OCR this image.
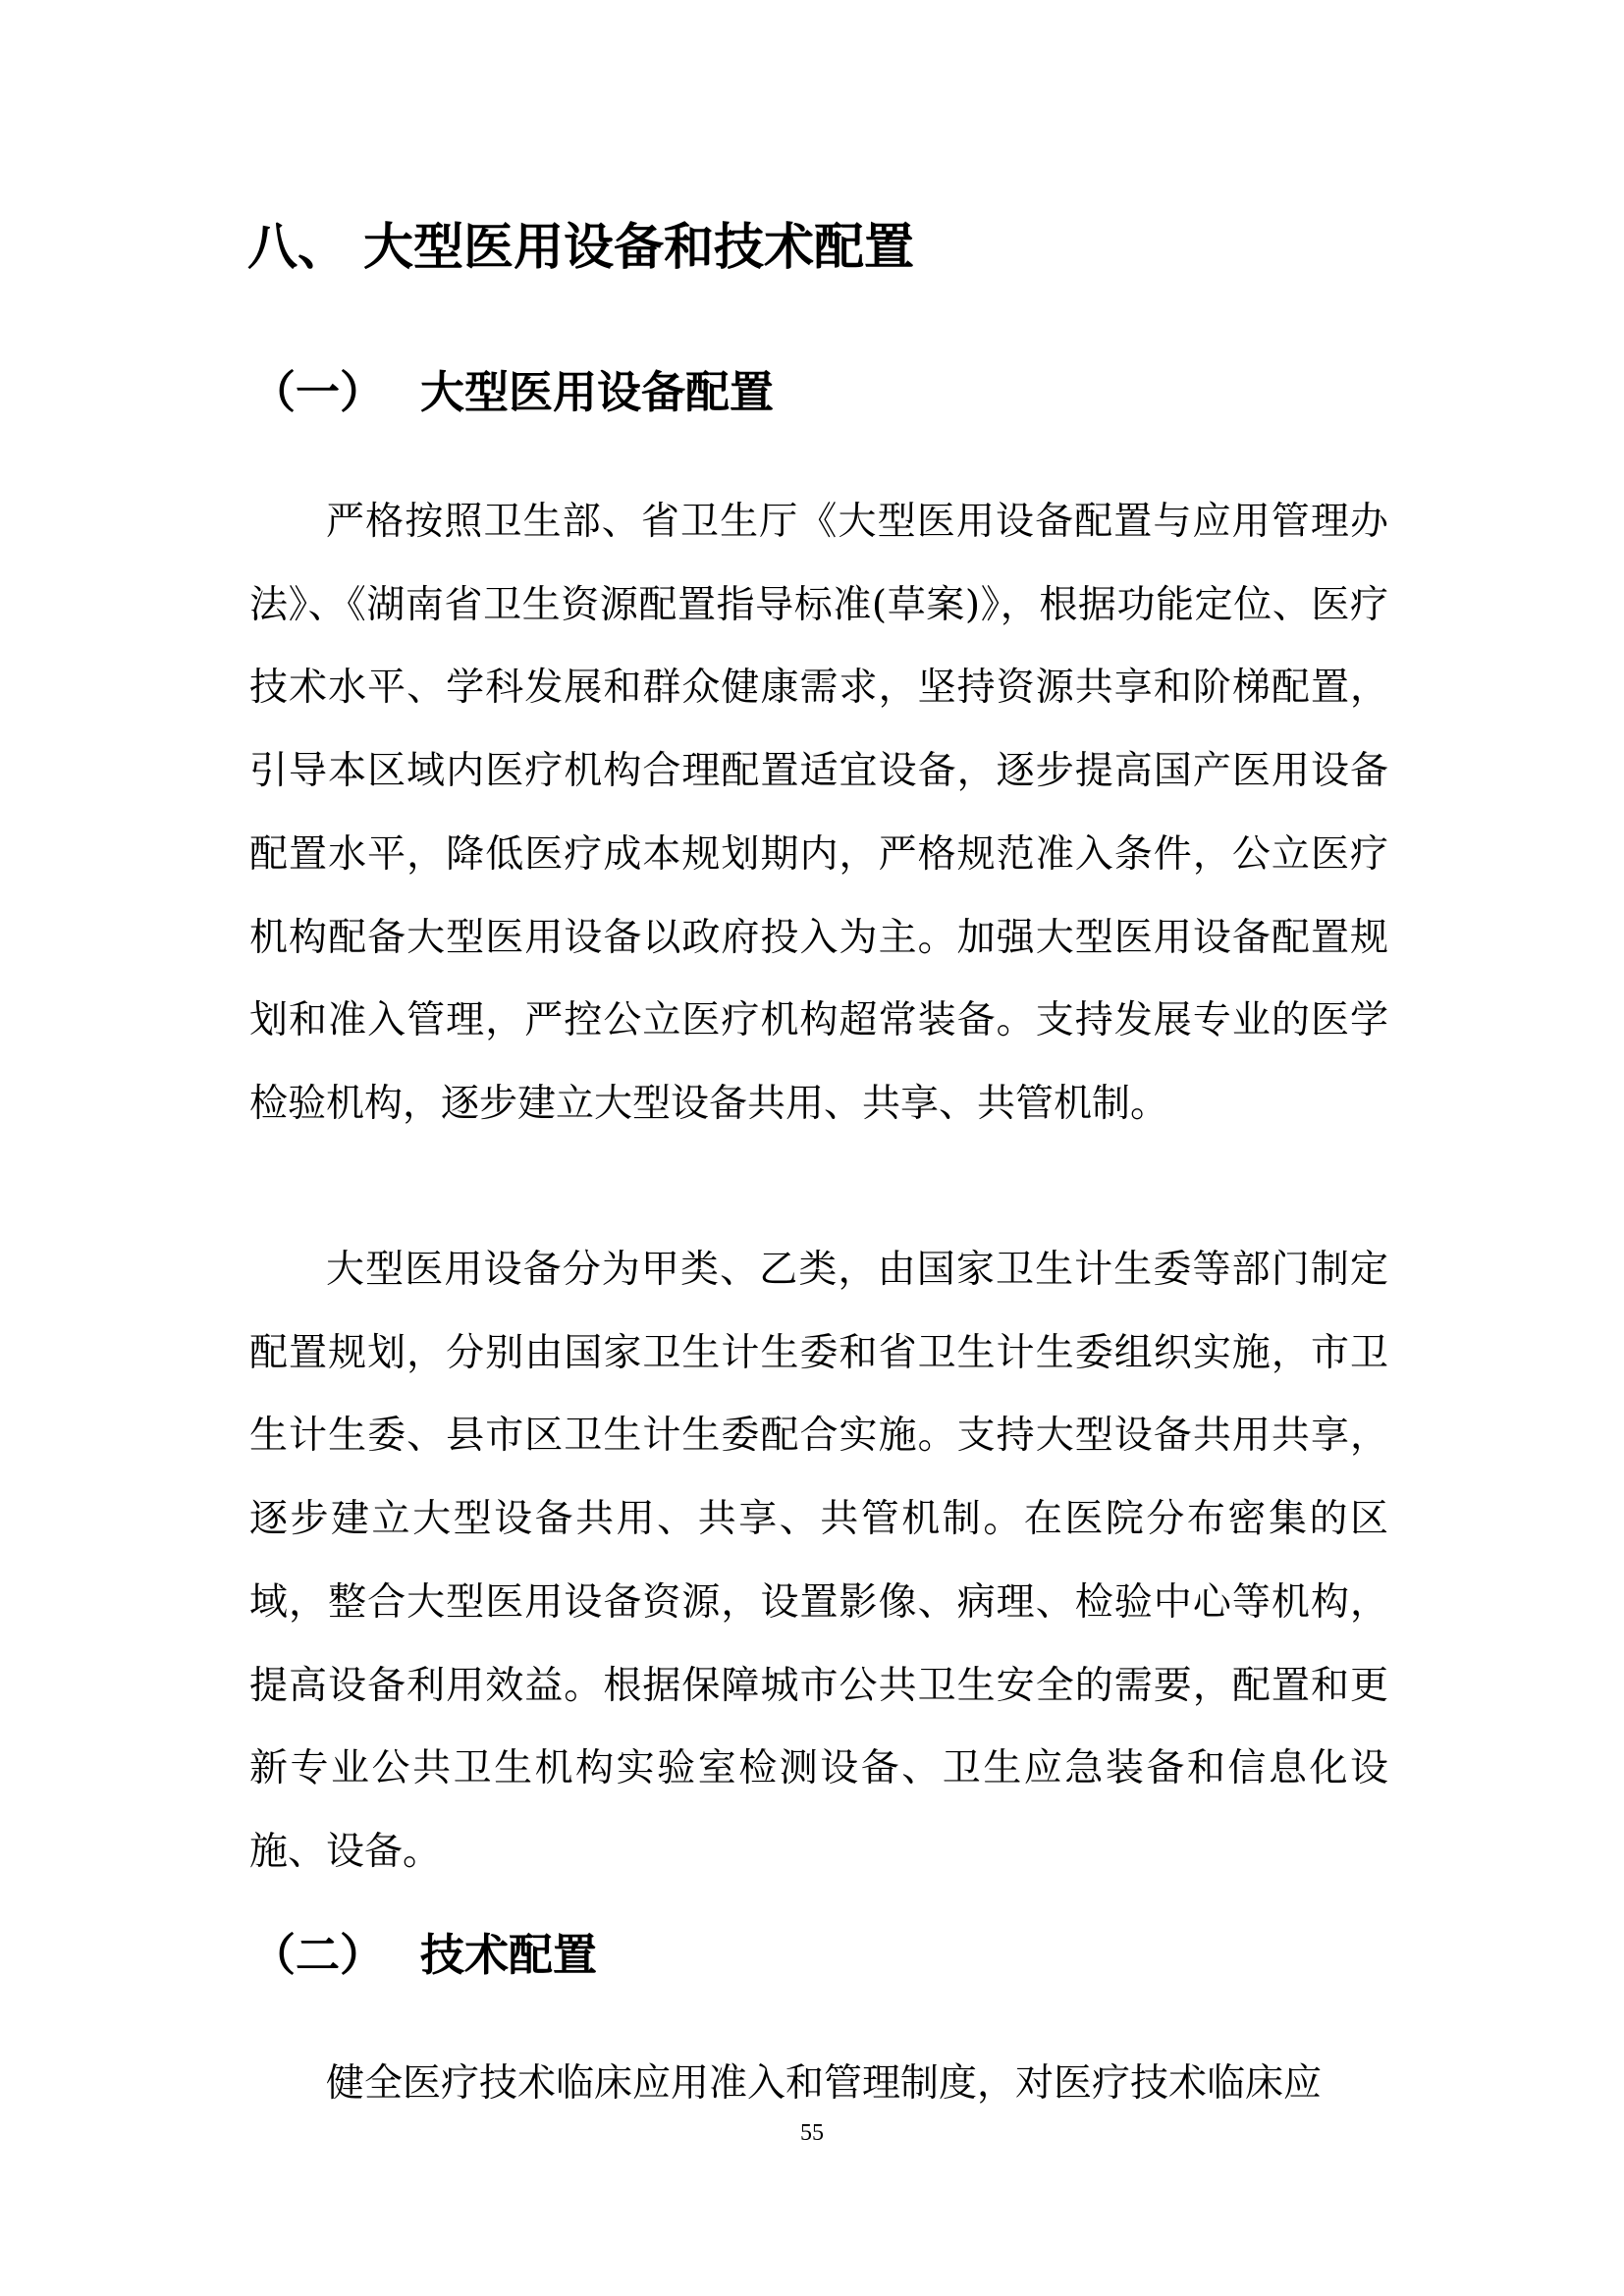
八、 大型医用设备和技术配置
（一） 大型医用设备配置

严格按照卫生部、省卫生厅《大型医用设备配置与应用管理办法》、《湖南省卫生资源配置指导标准(草案)》，根据功能定位、医疗技术水平、学科发展和群众健康需求，坚持资源共享和阶梯配置，引导本区域内医疗机构合理配置适宜设备，逐步提高国产医用设备配置水平，降低医疗成本规划期内，严格规范准入条件，公立医疗机构配备大型医用设备以政府投入为主。加强大型医用设备配置规划和准入管理，严控公立医疗机构超常装备。支持发展专业的医学检验机构，逐步建立大型设备共用、共享、共管机制。

大型医用设备分为甲类、乙类，由国家卫生计生委等部门制定配置规划，分别由国家卫生计生委和省卫生计生委组织实施，市卫生计生委、县市区卫生计生委配合实施。支持大型设备共用共享，逐步建立大型设备共用、共享、共管机制。在医院分布密集的区域，整合大型医用设备资源，设置影像、病理、检验中心等机构，提高设备利用效益。根据保障城市公共卫生安全的需要，配置和更新专业公共卫生机构实验室检测设备、卫生应急装备和信息化设施、设备。

（二） 技术配置

健全医疗技术临床应用准入和管理制度，对医疗技术临床应

55
